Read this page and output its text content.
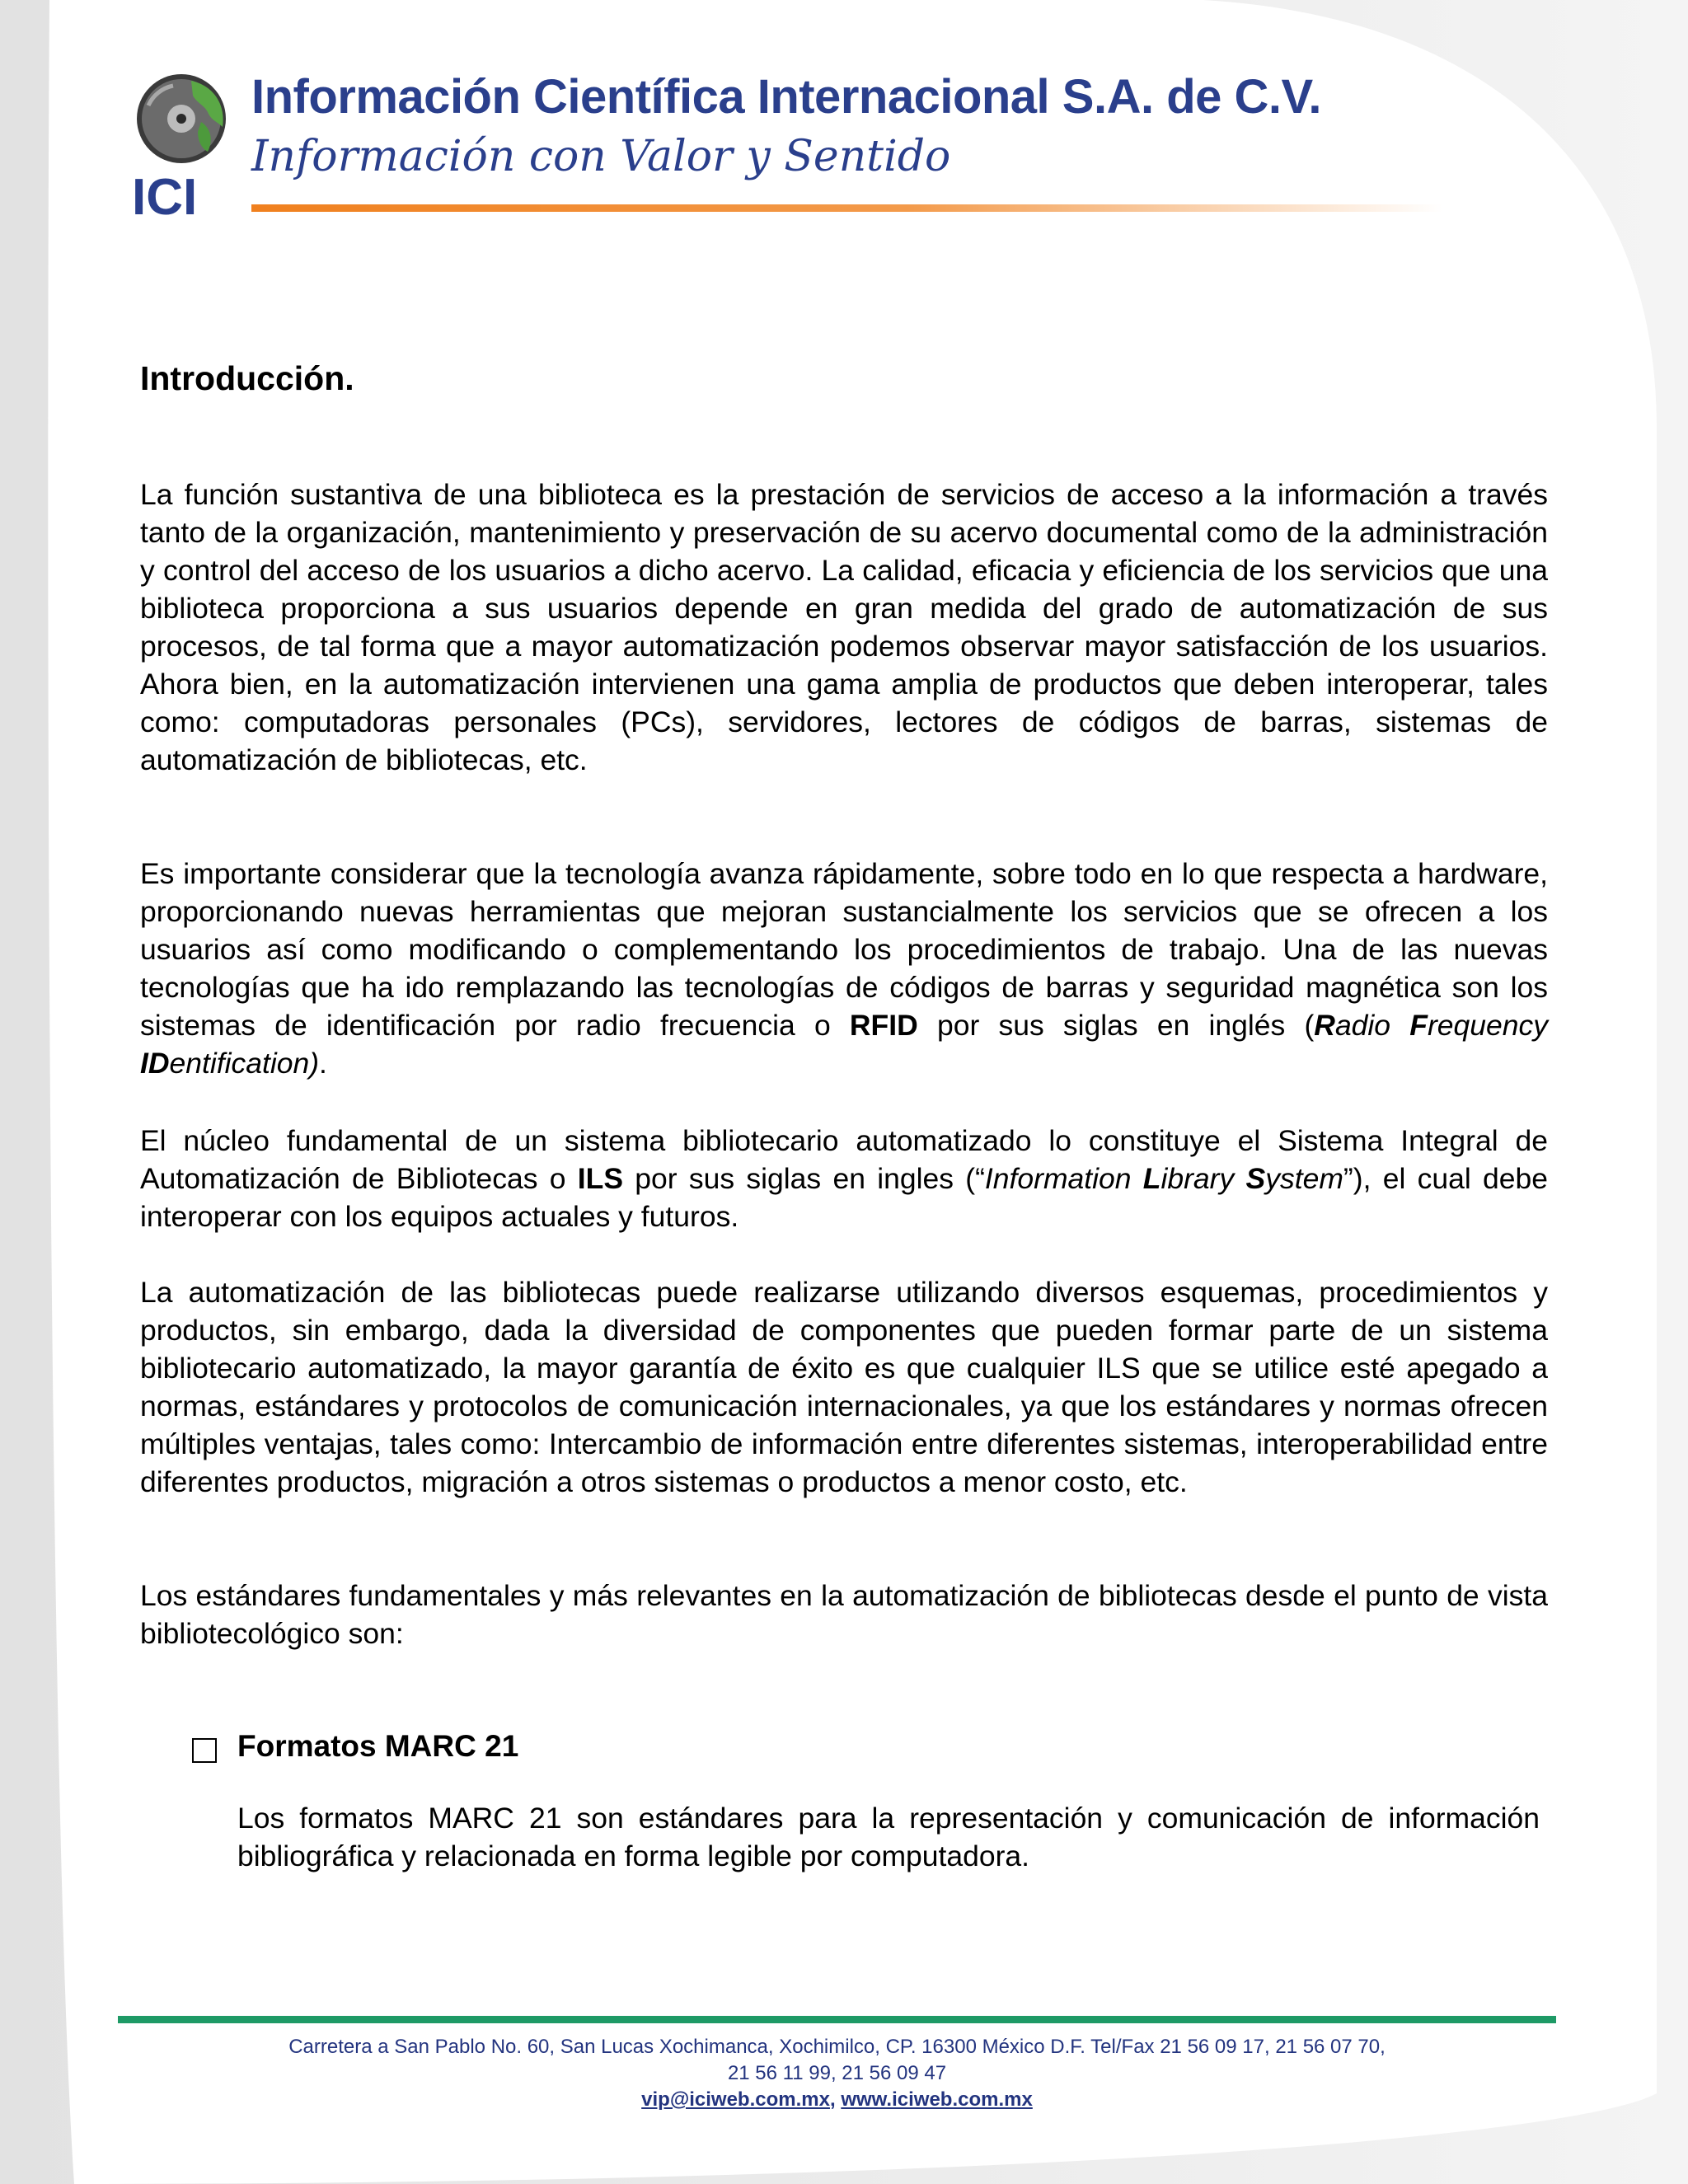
ICI
Información Científica Internacional S.A. de C.V.

Información con Valor y Sentido

Introducción.

La función sustantiva de una biblioteca es la prestación de servicios de acceso a la información a través tanto de la organización, mantenimiento y preservación de su acervo documental como de la administración y control del acceso de los usuarios a dicho acervo. La calidad, eficacia y eficiencia de los servicios que una biblioteca proporciona a sus usuarios depende en gran medida del grado de automatización de sus procesos, de tal forma que a mayor automatización podemos observar mayor satisfacción de los usuarios. Ahora bien, en la automatización intervienen una gama amplia de productos que deben interoperar, tales como: computadoras personales (PCs), servidores, lectores de códigos de barras, sistemas de automatización de bibliotecas, etc.

Es importante considerar que la tecnología avanza rápidamente, sobre todo en lo que respecta a hardware, proporcionando nuevas herramientas que mejoran sustancialmente los servicios que se ofrecen a los usuarios así como modificando o complementando los procedimientos de trabajo. Una de las nuevas tecnologías que ha ido remplazando las tecnologías de códigos de barras y seguridad magnética son los sistemas de identificación por radio frecuencia o RFID por sus siglas en inglés (Radio Frequency IDentification).

El núcleo fundamental de un sistema bibliotecario automatizado lo constituye el Sistema Integral de Automatización de Bibliotecas o ILS por sus siglas en ingles (“Information Library System”), el cual debe interoperar con los equipos actuales y futuros.

La automatización de las bibliotecas puede realizarse utilizando diversos esquemas, procedimientos y productos, sin embargo, dada la diversidad de componentes que pueden formar parte de un sistema bibliotecario automatizado, la mayor garantía de éxito es que cualquier ILS que se utilice esté apegado a normas, estándares y protocolos de comunicación internacionales, ya que los estándares y normas ofrecen múltiples ventajas, tales como: Intercambio de información entre diferentes sistemas, interoperabilidad entre diferentes productos, migración a otros sistemas o productos a menor costo, etc.

Los estándares fundamentales y más relevantes en la automatización de bibliotecas desde el punto de vista bibliotecológico son:

Formatos MARC 21

Los formatos MARC 21 son estándares para la representación y comunicación de información bibliográfica y relacionada en forma legible por computadora.

Carretera a San Pablo No. 60, San Lucas Xochimanca, Xochimilco, CP. 16300 México D.F. Tel/Fax 21 56 09 17, 21 56 07 70,

21 56 11 99, 21 56 09 47

vip@iciweb.com.mx, www.iciweb.com.mx
